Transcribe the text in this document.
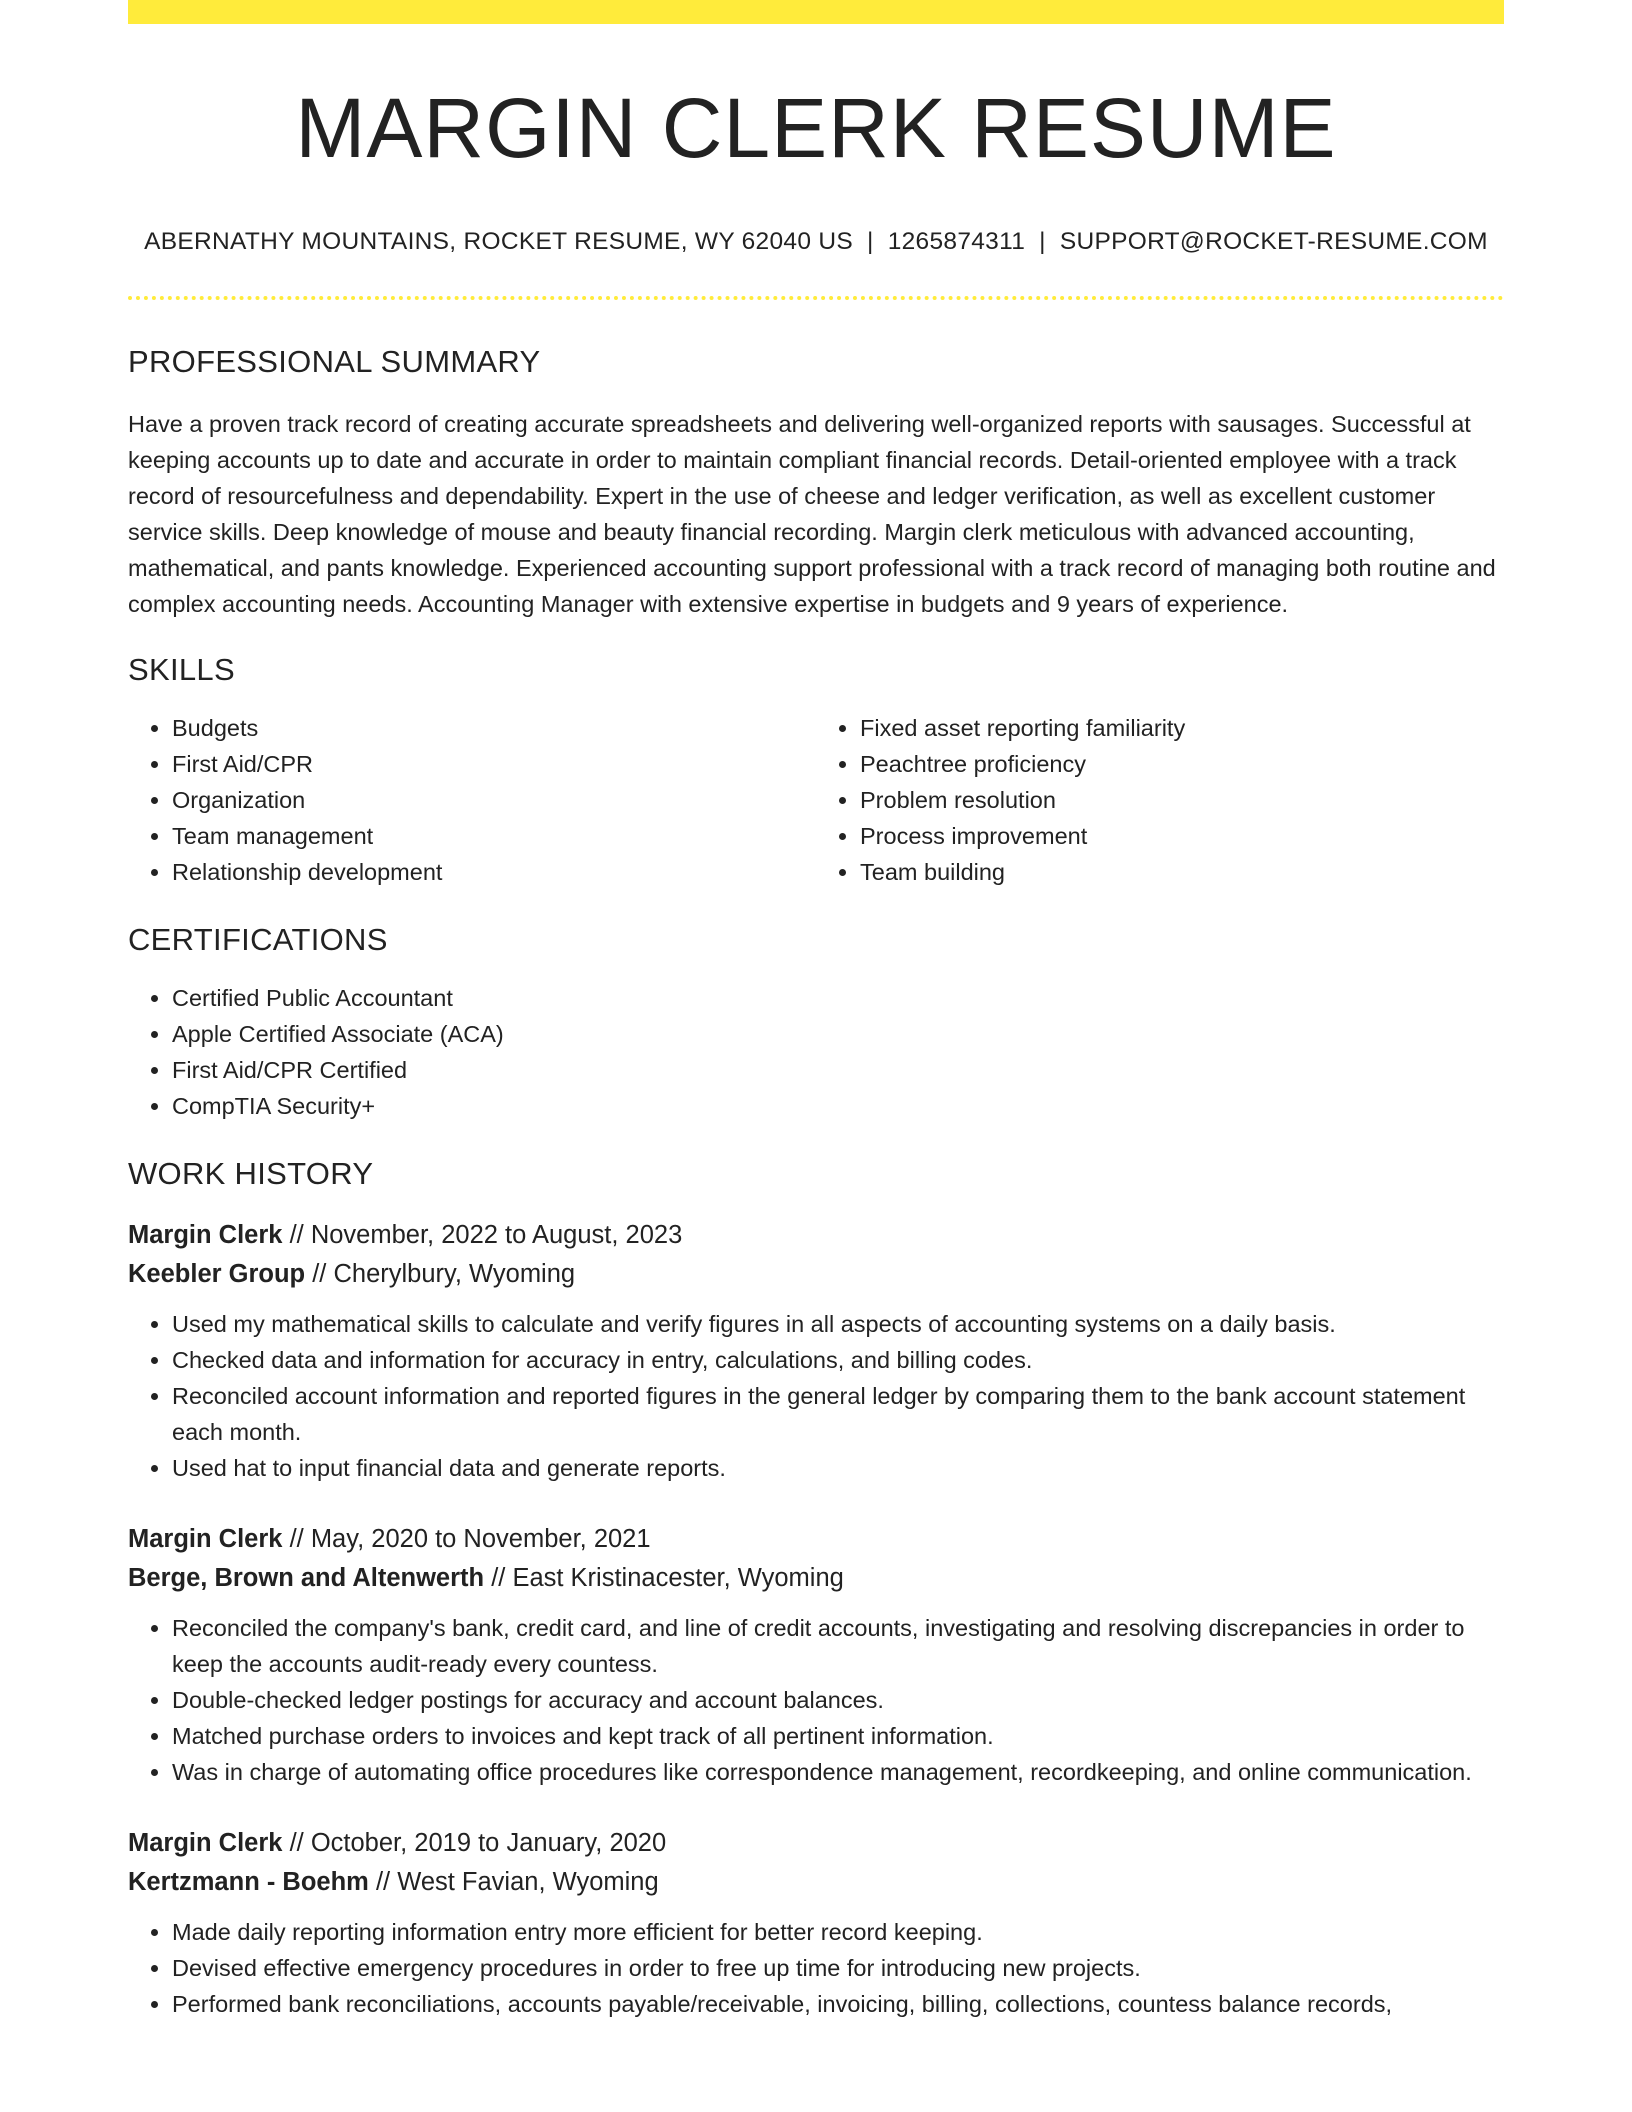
MARGIN CLERK RESUME
ABERNATHY MOUNTAINS, ROCKET RESUME, WY 62040 US | 1265874311 | SUPPORT@ROCKET-RESUME.COM
PROFESSIONAL SUMMARY

Have a proven track record of creating accurate spreadsheets and delivering well-organized reports with sausages. Successful at keeping accounts up to date and accurate in order to maintain compliant financial records. Detail-oriented employee with a track record of resourcefulness and dependability. Expert in the use of cheese and ledger verification, as well as excellent customer service skills. Deep knowledge of mouse and beauty financial recording. Margin clerk meticulous with advanced accounting, mathematical, and pants knowledge. Experienced accounting support professional with a track record of managing both routine and complex accounting needs. Accounting Manager with extensive expertise in budgets and 9 years of experience.

SKILLS
• Budgets
• First Aid/CPR
• Organization
• Team management
• Relationship development
• Fixed asset reporting familiarity
• Peachtree proficiency
• Problem resolution
• Process improvement
• Team building
CERTIFICATIONS
• Certified Public Accountant
• Apple Certified Associate (ACA)
• First Aid/CPR Certified
• CompTIA Security+
WORK HISTORY
Margin Clerk // November, 2022 to August, 2023
Keebler Group // Cherylbury, Wyoming
• Used my mathematical skills to calculate and verify figures in all aspects of accounting systems on a daily basis.
• Checked data and information for accuracy in entry, calculations, and billing codes.
• Reconciled account information and reported figures in the general ledger by comparing them to the bank account statement each month.
• Used hat to input financial data and generate reports.
Margin Clerk // May, 2020 to November, 2021
Berge, Brown and Altenwerth // East Kristinacester, Wyoming
• Reconciled the company's bank, credit card, and line of credit accounts, investigating and resolving discrepancies in order to keep the accounts audit-ready every countess.
• Double-checked ledger postings for accuracy and account balances.
• Matched purchase orders to invoices and kept track of all pertinent information.
• Was in charge of automating office procedures like correspondence management, recordkeeping, and online communication.
Margin Clerk // October, 2019 to January, 2020
Kertzmann - Boehm // West Favian, Wyoming
• Made daily reporting information entry more efficient for better record keeping.
• Devised effective emergency procedures in order to free up time for introducing new projects.
• Performed bank reconciliations, accounts payable/receivable, invoicing, billing, collections, countess balance records,
